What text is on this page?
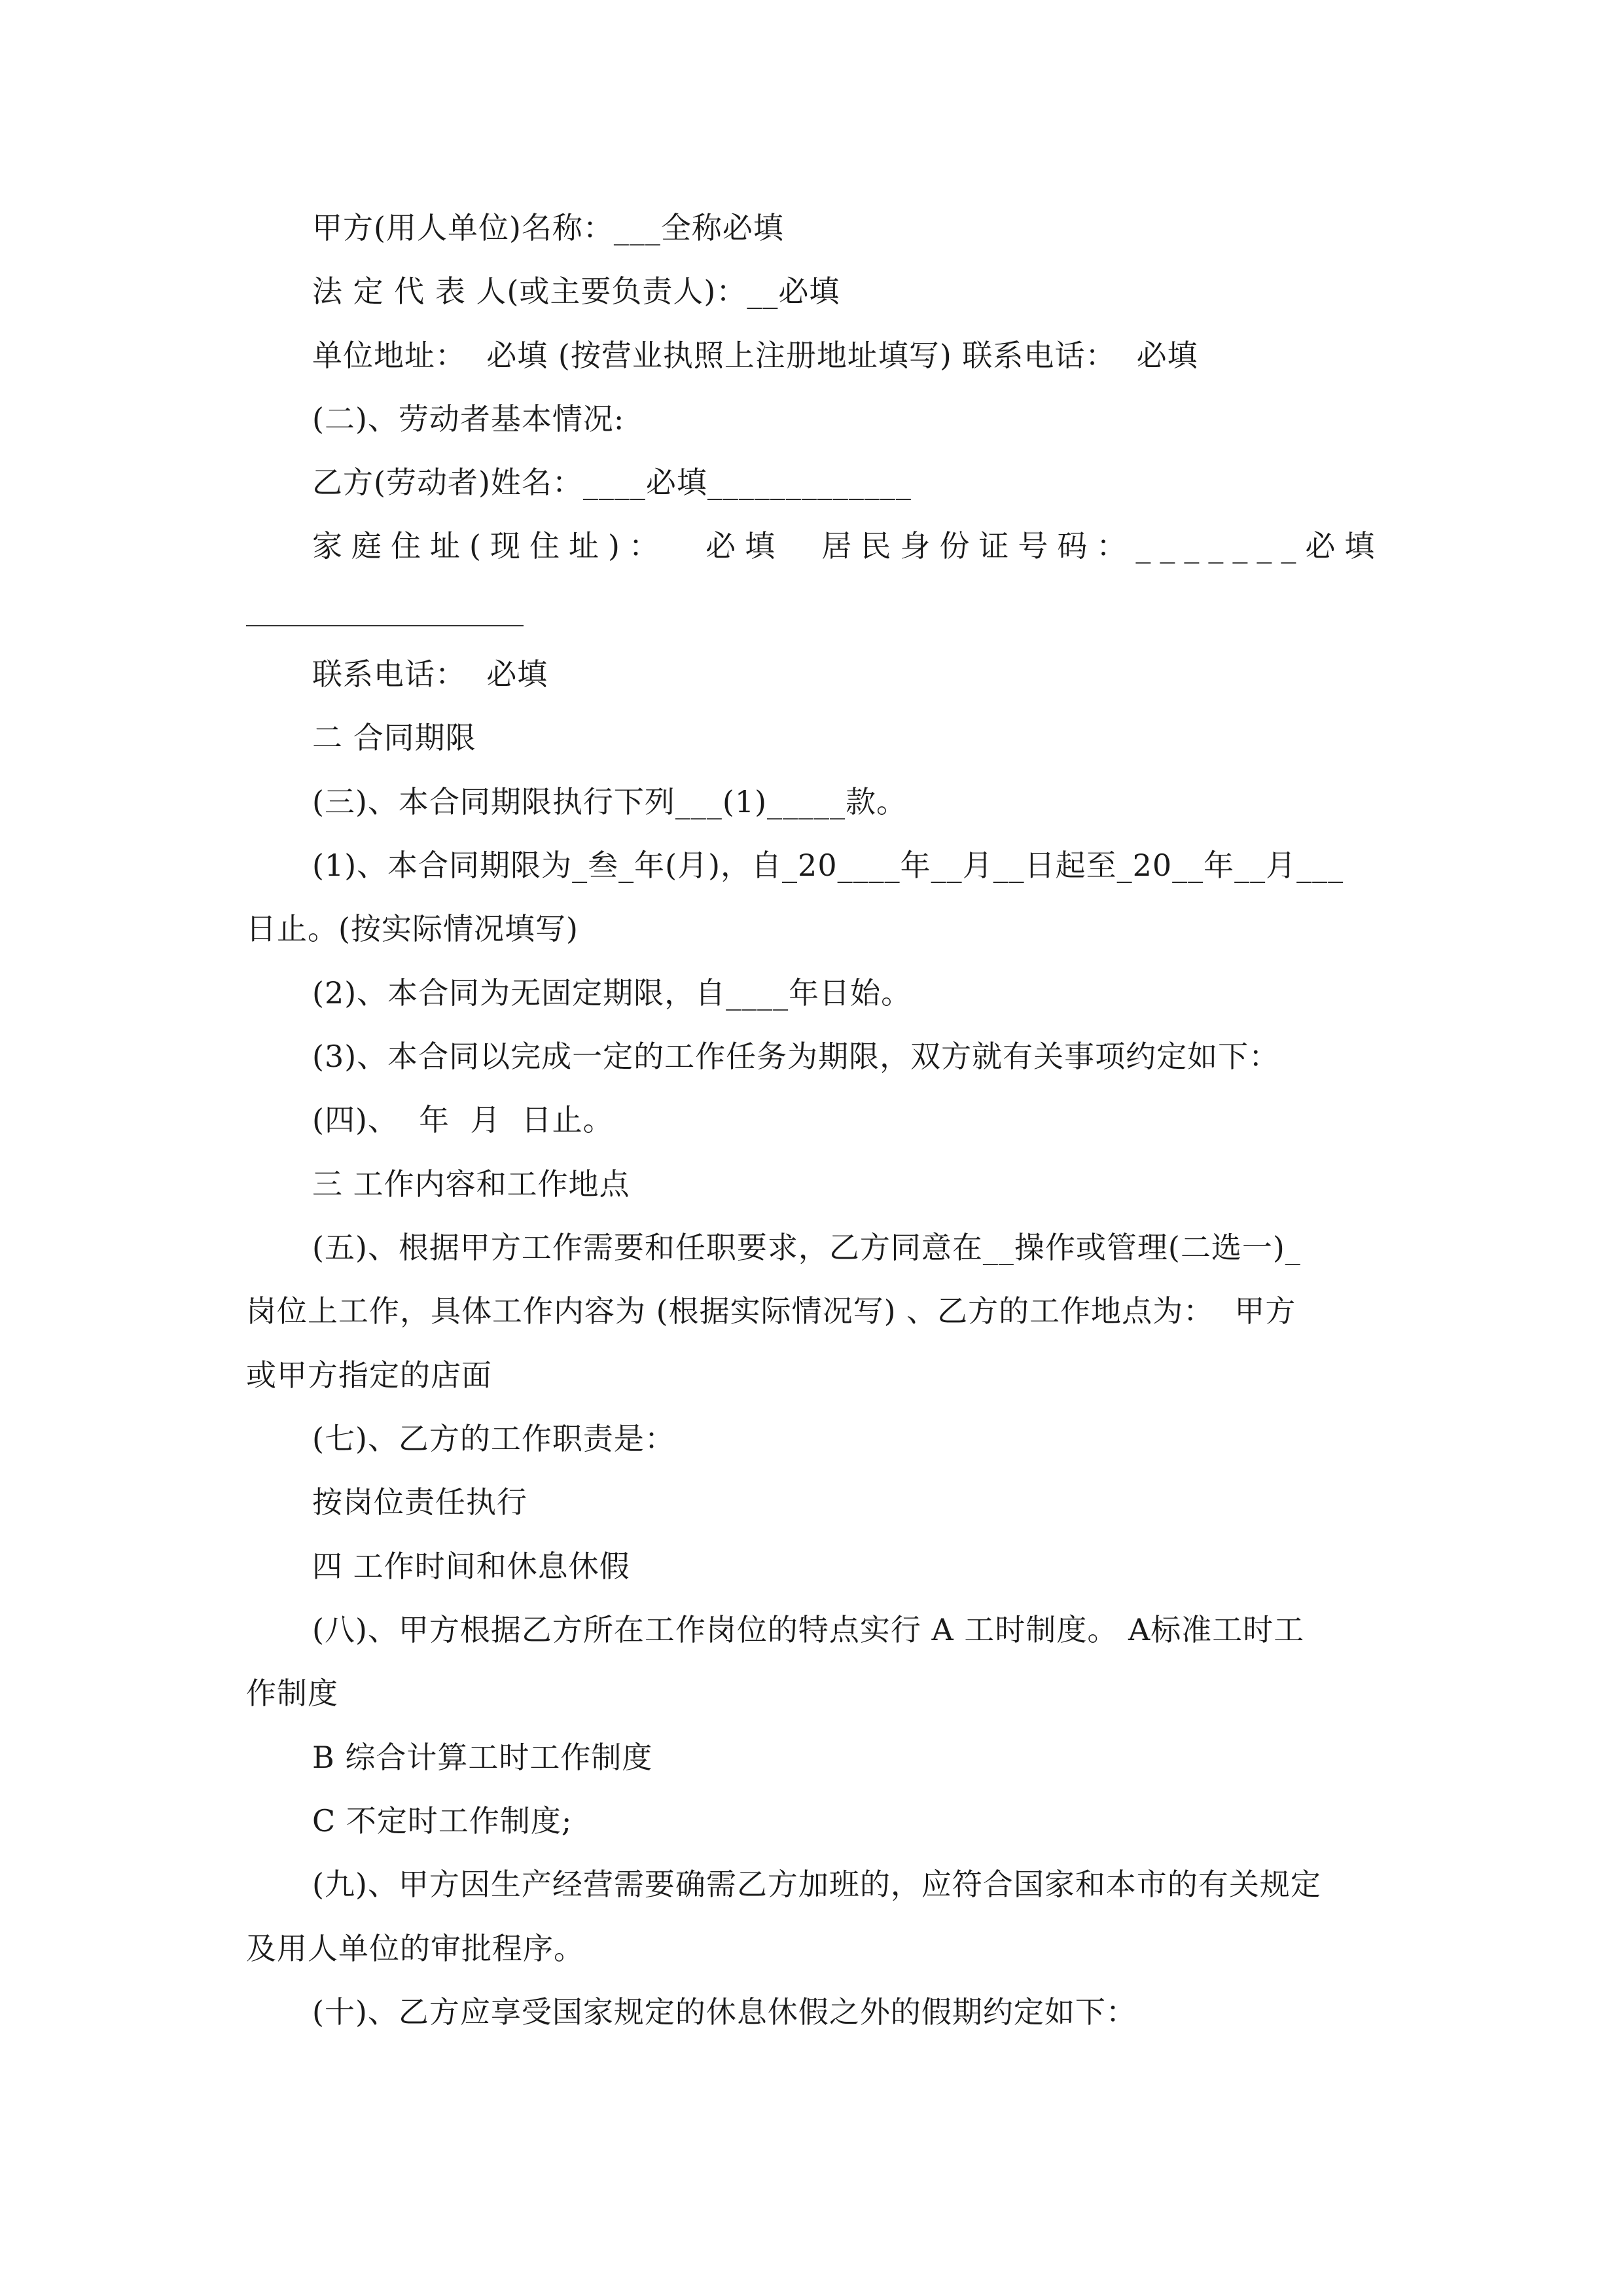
甲方(用人单位)名称：___全称必填
法 定 代 表 人(或主要负责人)：__必填
单位地址：  必填 (按营业执照上注册地址填写) 联系电话：  必填
(二)、劳动者基本情况:
乙方(劳动者)姓名：____必填_____________
家庭住址(现住址)：  必填  居民身份证号码：_______必填
联系电话：  必填
二 合同期限
(三)、本合同期限执行下列___(1)_____款。
(1)、本合同期限为_叁_年(月)，自_20____年__月__日起至_20__年__月___
日止。(按实际情况填写)
(2)、本合同为无固定期限，自____年日始。
(3)、本合同以完成一定的工作任务为期限，双方就有关事项约定如下：
(四)、  年  月  日止。
三 工作内容和工作地点
(五)、根据甲方工作需要和任职要求，乙方同意在__操作或管理(二选一)_
岗位上工作，具体工作内容为 (根据实际情况写) 、乙方的工作地点为：  甲方
或甲方指定的店面
(七)、乙方的工作职责是：
按岗位责任执行
四 工作时间和休息休假
(八)、甲方根据乙方所在工作岗位的特点实行 A 工时制度。 A标准工时工
作制度
B 综合计算工时工作制度
C 不定时工作制度;
(九)、甲方因生产经营需要确需乙方加班的，应符合国家和本市的有关规定
及用人单位的审批程序。
(十)、乙方应享受国家规定的休息休假之外的假期约定如下：
